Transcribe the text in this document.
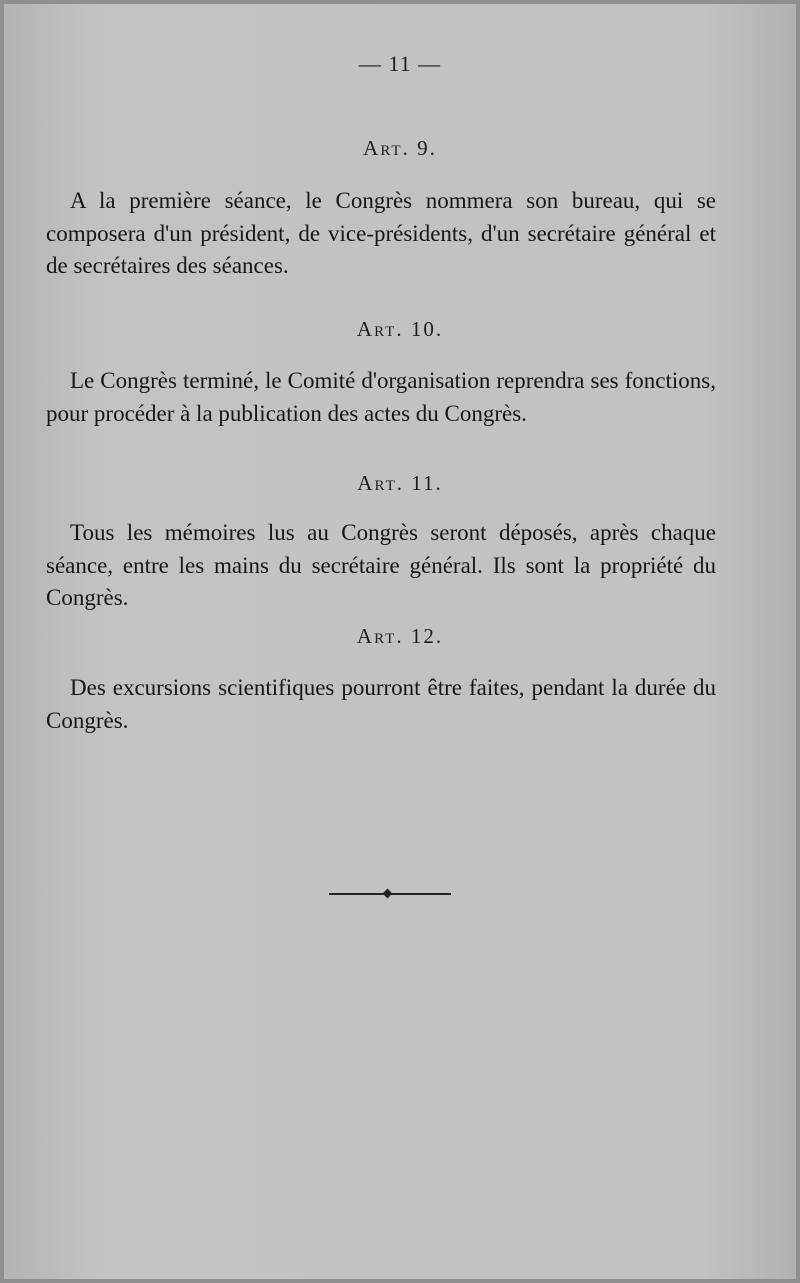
— 11 —
Art. 9.
A la première séance, le Congrès nommera son bureau, qui se composera d'un président, de vice-présidents, d'un secrétaire général et de secrétaires des séances.
Art. 10.
Le Congrès terminé, le Comité d'organisation reprendra ses fonctions, pour procéder à la publication des actes du Congrès.
Art. 11.
Tous les mémoires lus au Congrès seront déposés, après chaque séance, entre les mains du secrétaire général. Ils sont la propriété du Congrès.
Art. 12.
Des excursions scientifiques pourront être faites, pendant la durée du Congrès.
